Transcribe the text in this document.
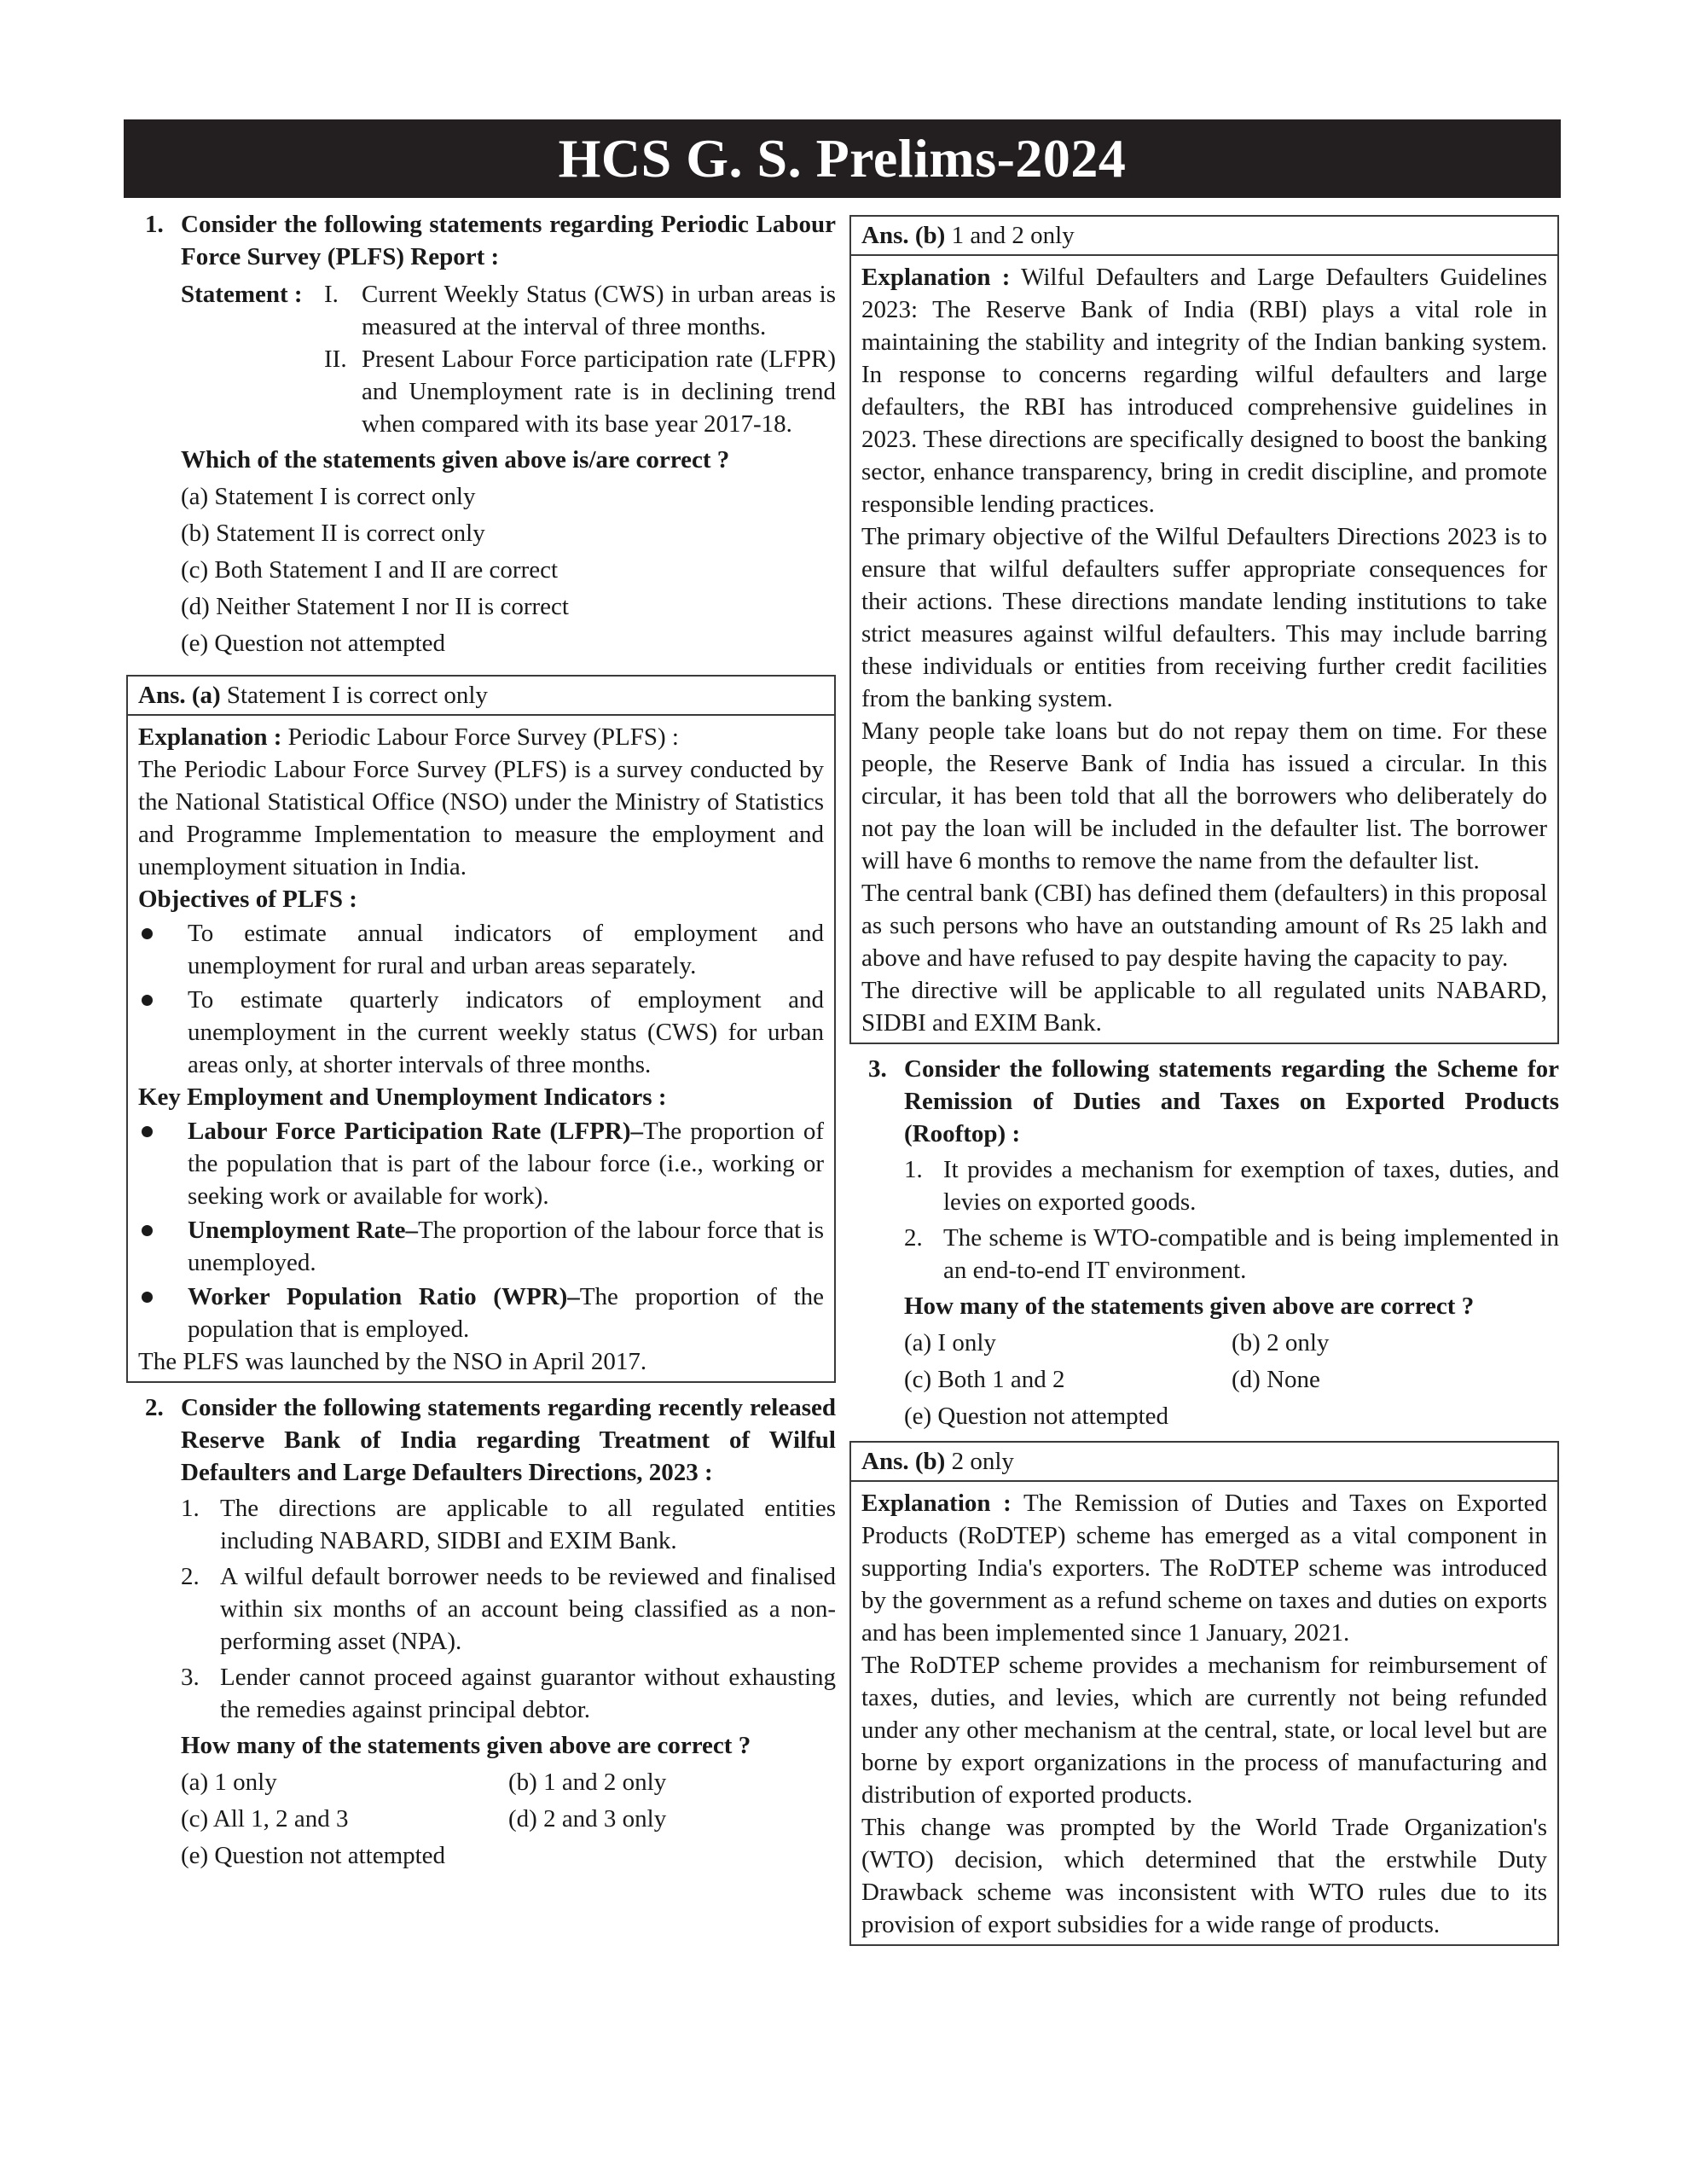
HCS G. S. Prelims-2024
1. Consider the following statements regarding Periodic Labour Force Survey (PLFS) Report :
Statement : I. Current Weekly Status (CWS) in urban areas is measured at the interval of three months.
II. Present Labour Force participation rate (LFPR) and Unemployment rate is in declining trend when compared with its base year 2017-18.

Which of the statements given above is/are correct ?

(a) Statement I is correct only

(b) Statement II is correct only

(c) Both Statement I and II are correct

(d) Neither Statement I nor II is correct

(e) Question not attempted

Ans. (a) Statement I is correct only

Explanation : Periodic Labour Force Survey (PLFS) :

The Periodic Labour Force Survey (PLFS) is a survey conducted by the National Statistical Office (NSO) under the Ministry of Statistics and Programme Implementation to measure the employment and unemployment situation in India.

Objectives of PLFS :

To estimate annual indicators of employment and unemployment for rural and urban areas separately.
To estimate quarterly indicators of employment and unemployment in the current weekly status (CWS) for urban areas only, at shorter intervals of three months.

Key Employment and Unemployment Indicators :

Labour Force Participation Rate (LFPR)–The proportion of the population that is part of the labour force (i.e., working or seeking work or available for work).
Unemployment Rate–The proportion of the labour force that is unemployed.
Worker Population Ratio (WPR)–The proportion of the population that is employed.

The PLFS was launched by the NSO in April 2017.

2. Consider the following statements regarding recently released Reserve Bank of India regarding Treatment of Wilful Defaulters and Large Defaulters Directions, 2023 :
1. The directions are applicable to all regulated entities including NABARD, SIDBI and EXIM Bank.
2. A wilful default borrower needs to be reviewed and finalised within six months of an account being classified as a non-performing asset (NPA).
3. Lender cannot proceed against guarantor without exhausting the remedies against principal debtor.

How many of the statements given above are correct ?

(a) 1 only	(b) 1 and 2 only
(c) All 1, 2 and 3	(d) 2 and 3 only

(e) Question not attempted

Ans. (b) 1 and 2 only

Explanation : Wilful Defaulters and Large Defaulters Guidelines 2023: The Reserve Bank of India (RBI) plays a vital role in maintaining the stability and integrity of the Indian banking system. In response to concerns regarding wilful defaulters and large defaulters, the RBI has introduced comprehensive guidelines in 2023. These directions are specifically designed to boost the banking sector, enhance transparency, bring in credit discipline, and promote responsible lending practices.

The primary objective of the Wilful Defaulters Directions 2023 is to ensure that wilful defaulters suffer appropriate consequences for their actions. These directions mandate lending institutions to take strict measures against wilful defaulters. This may include barring these individuals or entities from receiving further credit facilities from the banking system.

Many people take loans but do not repay them on time. For these people, the Reserve Bank of India has issued a circular. In this circular, it has been told that all the borrowers who deliberately do not pay the loan will be included in the defaulter list. The borrower will have 6 months to remove the name from the defaulter list.

The central bank (CBI) has defined them (defaulters) in this proposal as such persons who have an outstanding amount of Rs 25 lakh and above and have refused to pay despite having the capacity to pay.

The directive will be applicable to all regulated units NABARD, SIDBI and EXIM Bank.

3. Consider the following statements regarding the Scheme for Remission of Duties and Taxes on Exported Products (Rooftop) :
1. It provides a mechanism for exemption of taxes, duties, and levies on exported goods.
2. The scheme is WTO-compatible and is being implemented in an end-to-end IT environment.

How many of the statements given above are correct ?

(a) I only	(b) 2 only
(c) Both 1 and 2	(d) None

(e) Question not attempted

Ans. (b) 2 only

Explanation : The Remission of Duties and Taxes on Exported Products (RoDTEP) scheme has emerged as a vital component in supporting India's exporters. The RoDTEP scheme was introduced by the government as a refund scheme on taxes and duties on exports and has been implemented since 1 January, 2021.

The RoDTEP scheme provides a mechanism for reimbursement of taxes, duties, and levies, which are currently not being refunded under any other mechanism at the central, state, or local level but are borne by export organizations in the process of manufacturing and distribution of exported products.

This change was prompted by the World Trade Organization's (WTO) decision, which determined that the erstwhile Duty Drawback scheme was inconsistent with WTO rules due to its provision of export subsidies for a wide range of products.
